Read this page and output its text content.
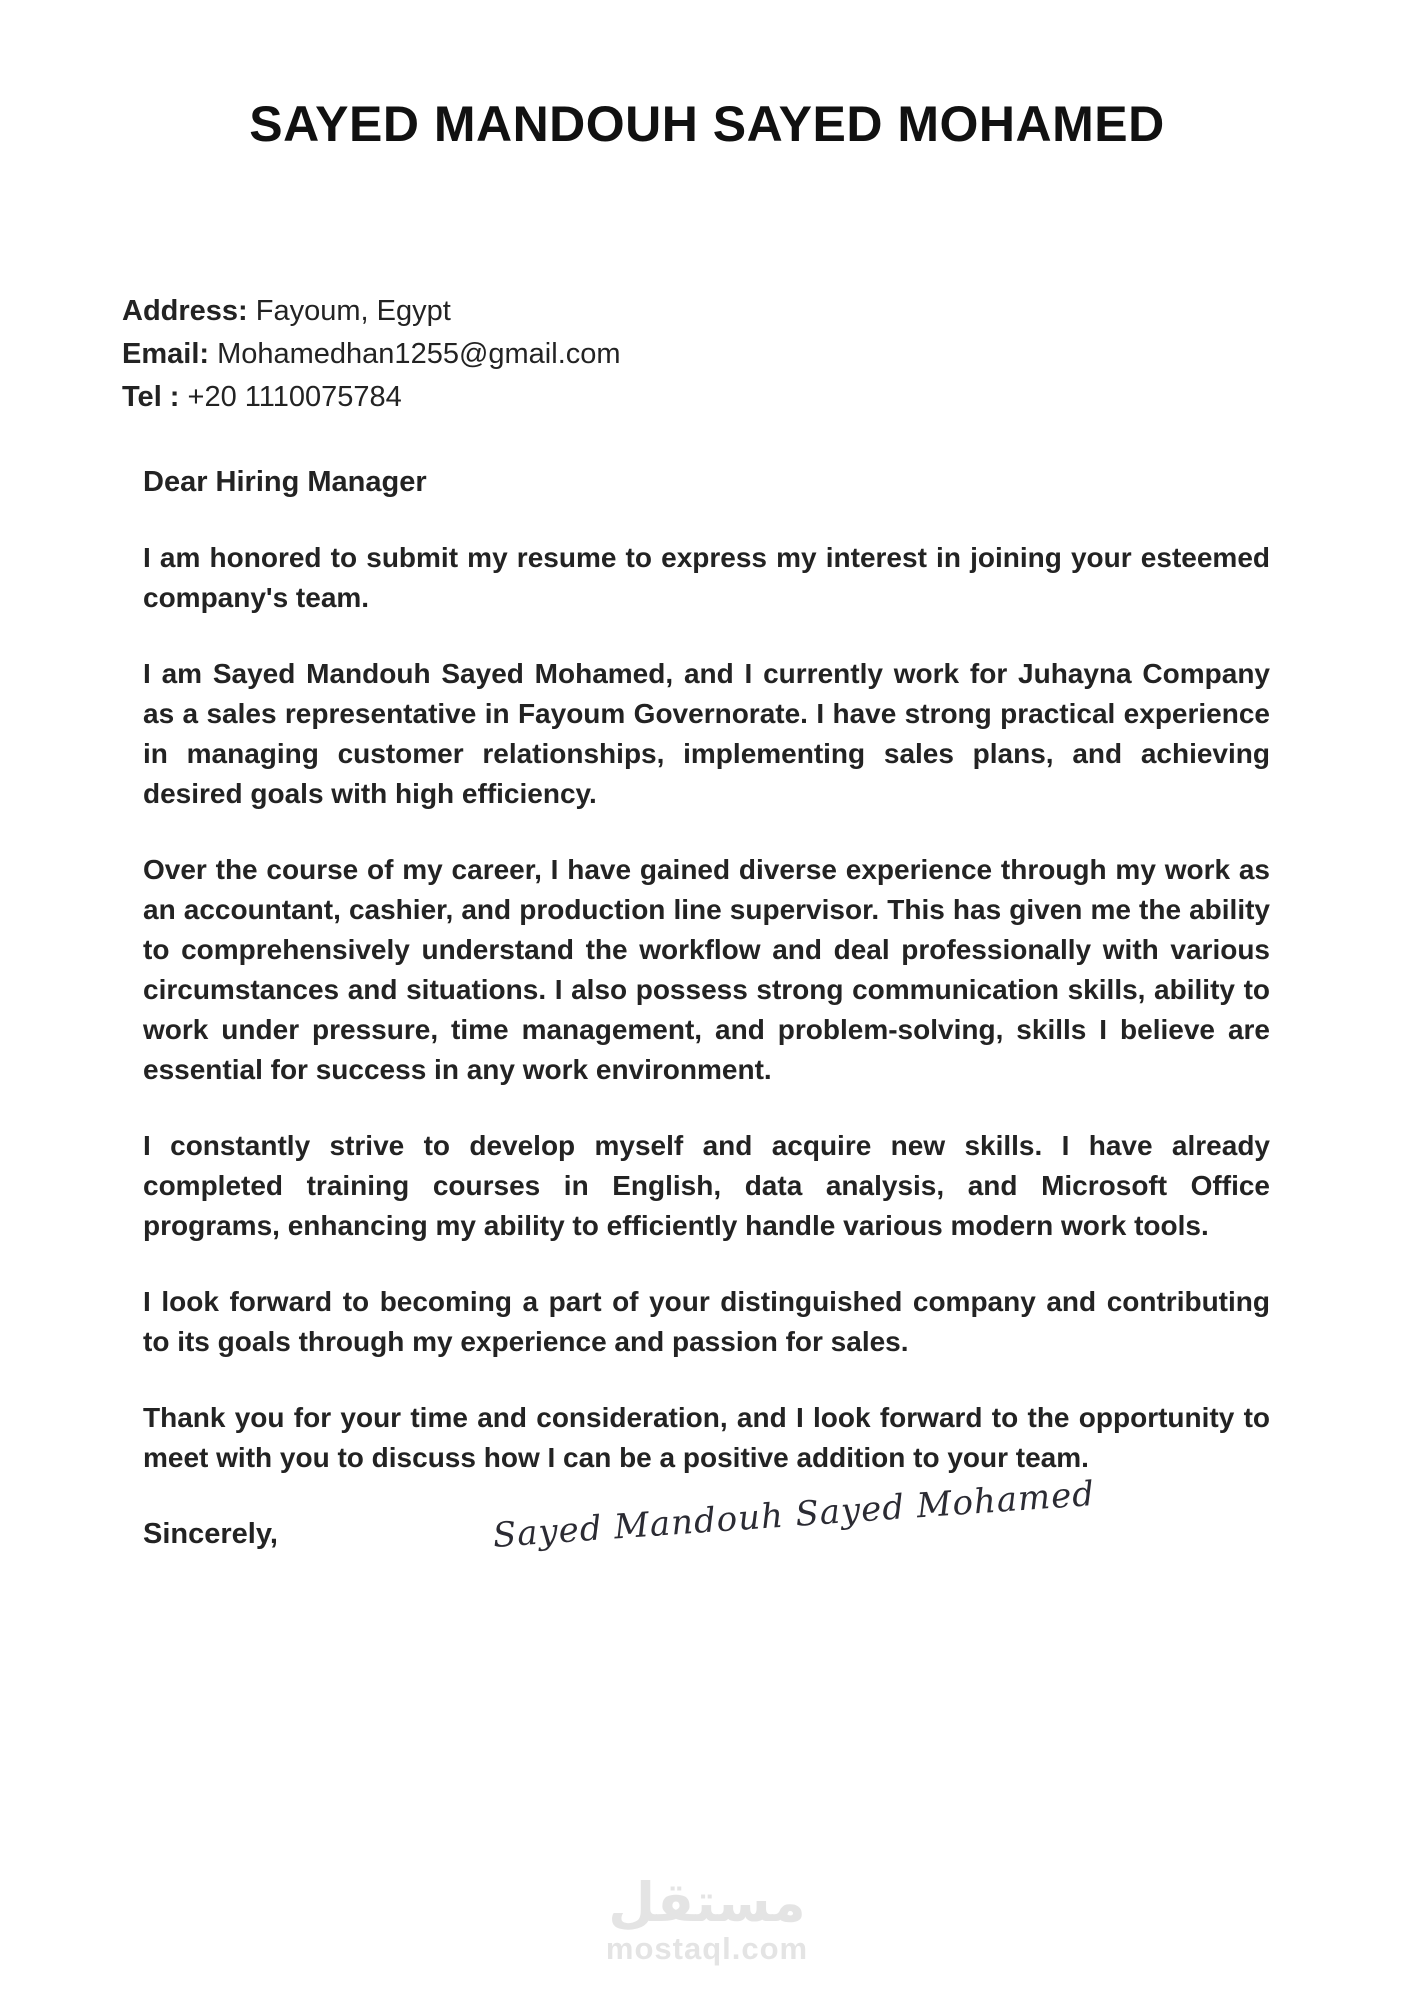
SAYED MANDOUH SAYED MOHAMED
Address: Fayoum, Egypt
Email: Mohamedhan1255@gmail.com
Tel : +20 1110075784

Dear Hiring Manager

I am honored to submit my resume to express my interest in joining your esteemed company's team.

I am Sayed Mandouh Sayed Mohamed, and I currently work for Juhayna Company as a sales representative in Fayoum Governorate. I have strong practical experience in managing customer relationships, implementing sales plans, and achieving desired goals with high efficiency.

Over the course of my career, I have gained diverse experience through my work as an accountant, cashier, and production line supervisor. This has given me the ability to comprehensively understand the workflow and deal professionally with various circumstances and situations. I also possess strong communication skills, ability to work under pressure, time management, and problem-solving, skills I believe are essential for success in any work environment.

I constantly strive to develop myself and acquire new skills. I have already completed training courses in English, data analysis, and Microsoft Office programs, enhancing my ability to efficiently handle various modern work tools.

I look forward to becoming a part of your distinguished company and contributing to its goals through my experience and passion for sales.

Thank you for your time and consideration, and I look forward to the opportunity to meet with you to discuss how I can be a positive addition to your team.

Sincerely,	Sayed Mandouh Sayed Mohamed
مستقل
mostaql.com
